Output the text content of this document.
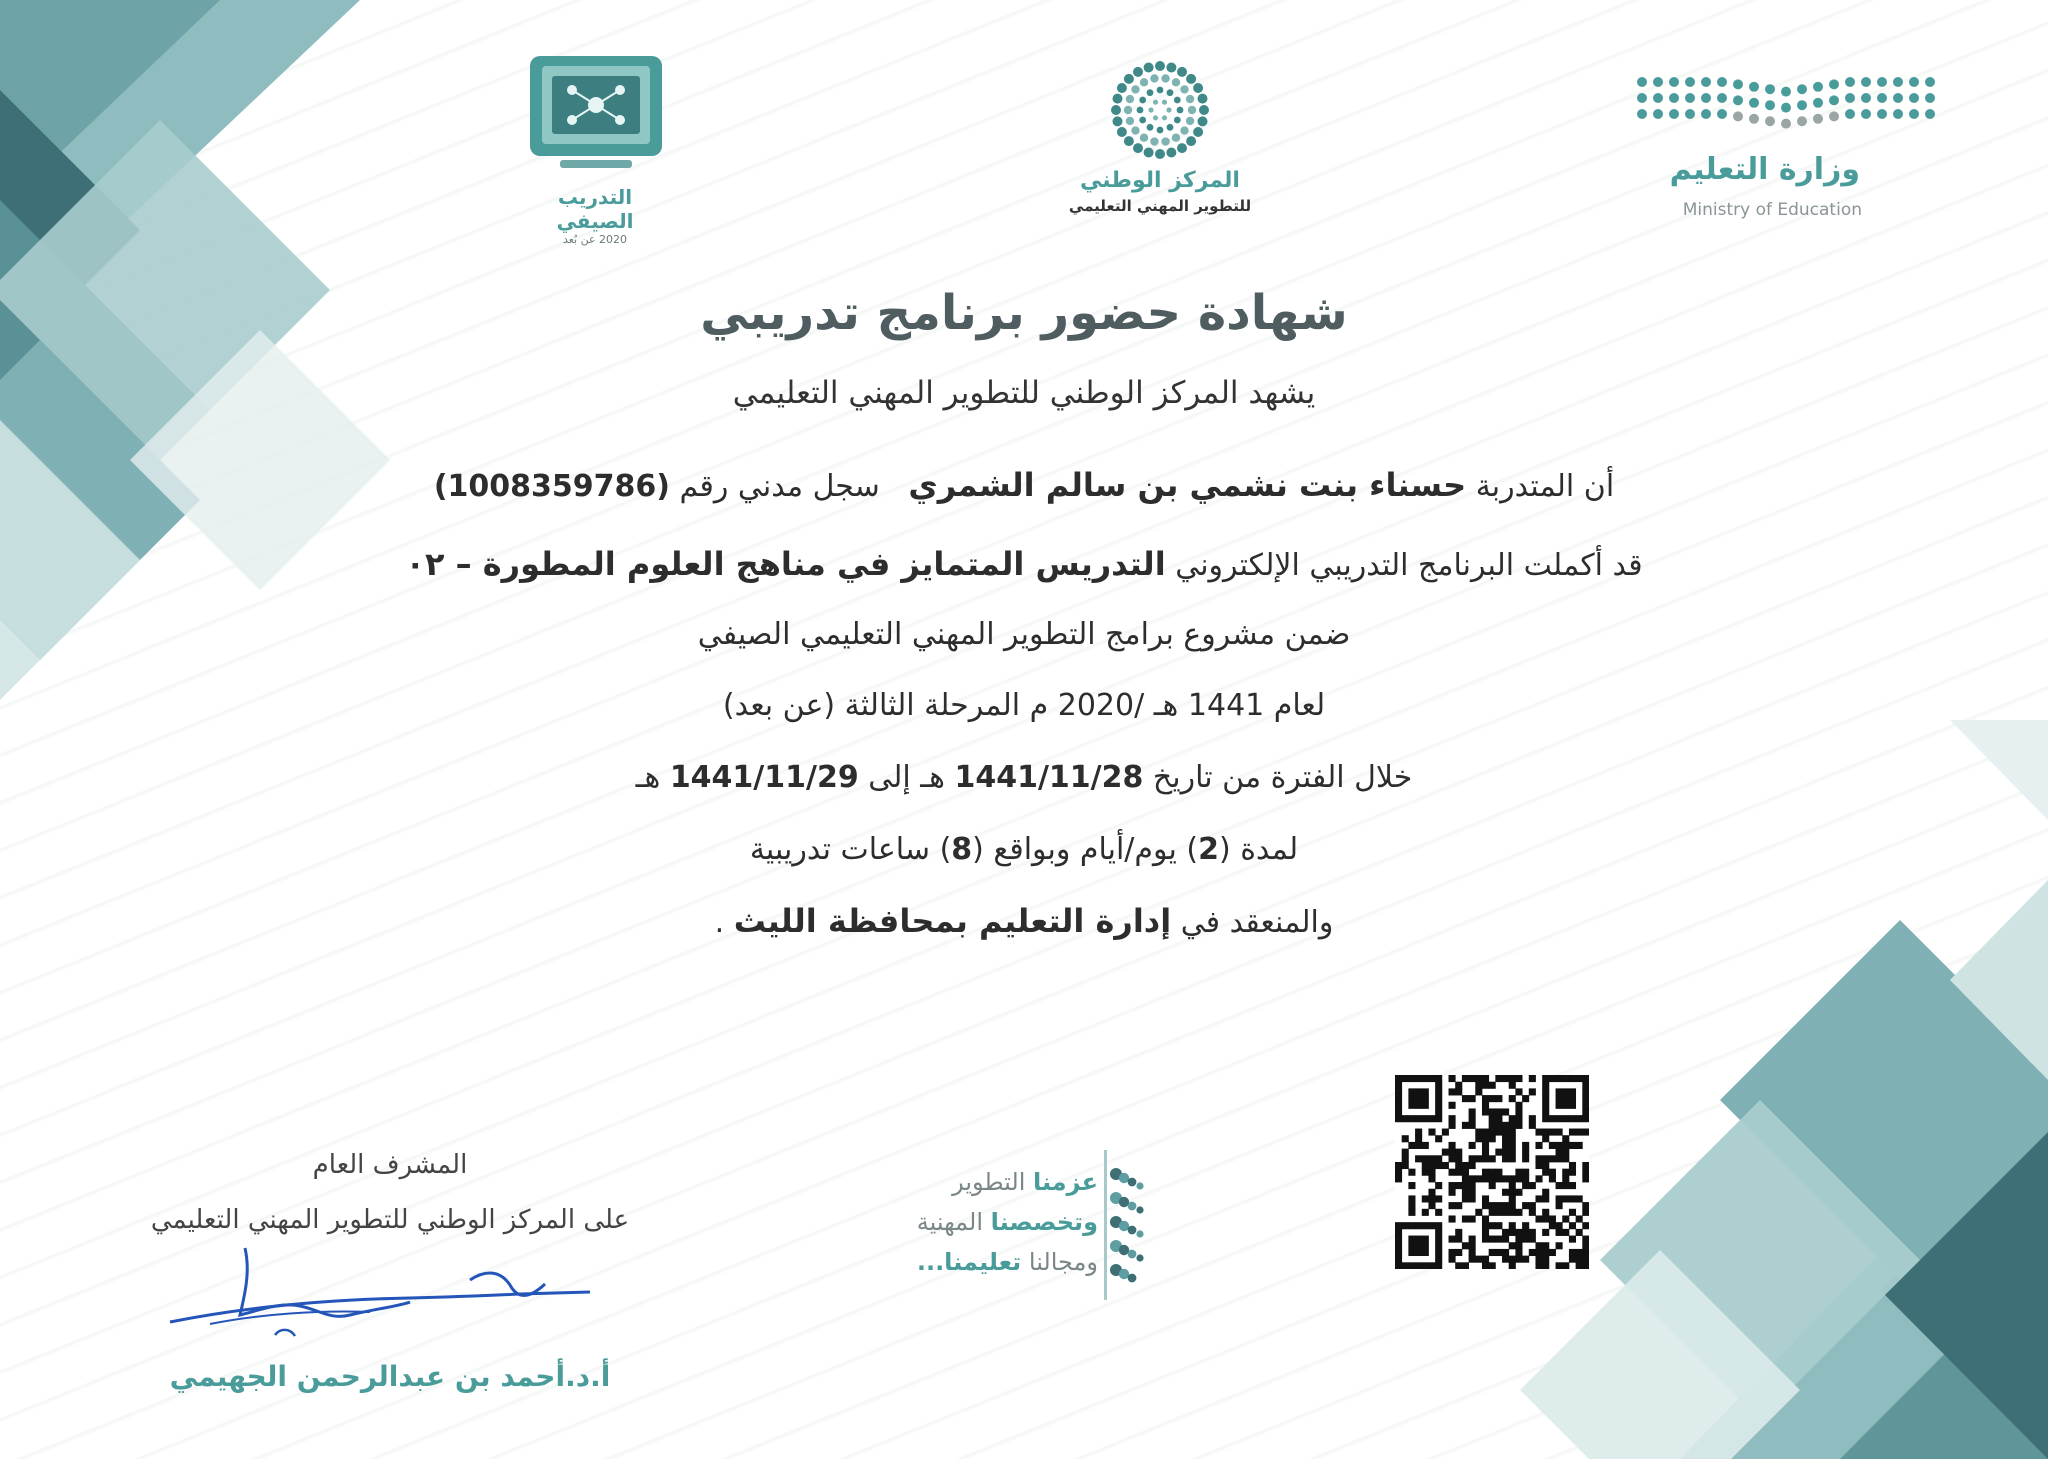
التدريب الصيفي
2020 عن بُعد
المركز الوطني
للتطوير المهني التعليمي
وزارة التعليم
Ministry of Education
شهادة حضور برنامج تدريبي
يشهد المركز الوطني للتطوير المهني التعليمي
أن المتدربة حسناء بنت نشمي بن سالم الشمري   سجل مدني رقم (1008359786)
قد أكملت البرنامج التدريبي الإلكتروني التدريس المتمايز في مناهج العلوم المطورة – ٠٢
ضمن مشروع برامج التطوير المهني التعليمي الصيفي
لعام 1441 هـ /2020 م المرحلة الثالثة (عن بعد)
خلال الفترة من تاريخ 1441/11/28 هـ إلى 1441/11/29 هـ
لمدة (2) يوم/أيام وبواقع (8) ساعات تدريبية
والمنعقد في إدارة التعليم بمحافظة الليث .
المشرف العام
على المركز الوطني للتطوير المهني التعليمي
أ.د.أحمد بن عبدالرحمن الجهيمي
عزمنا التطوير
وتخصصنا المهنية
ومجالنا تعليمنا...
